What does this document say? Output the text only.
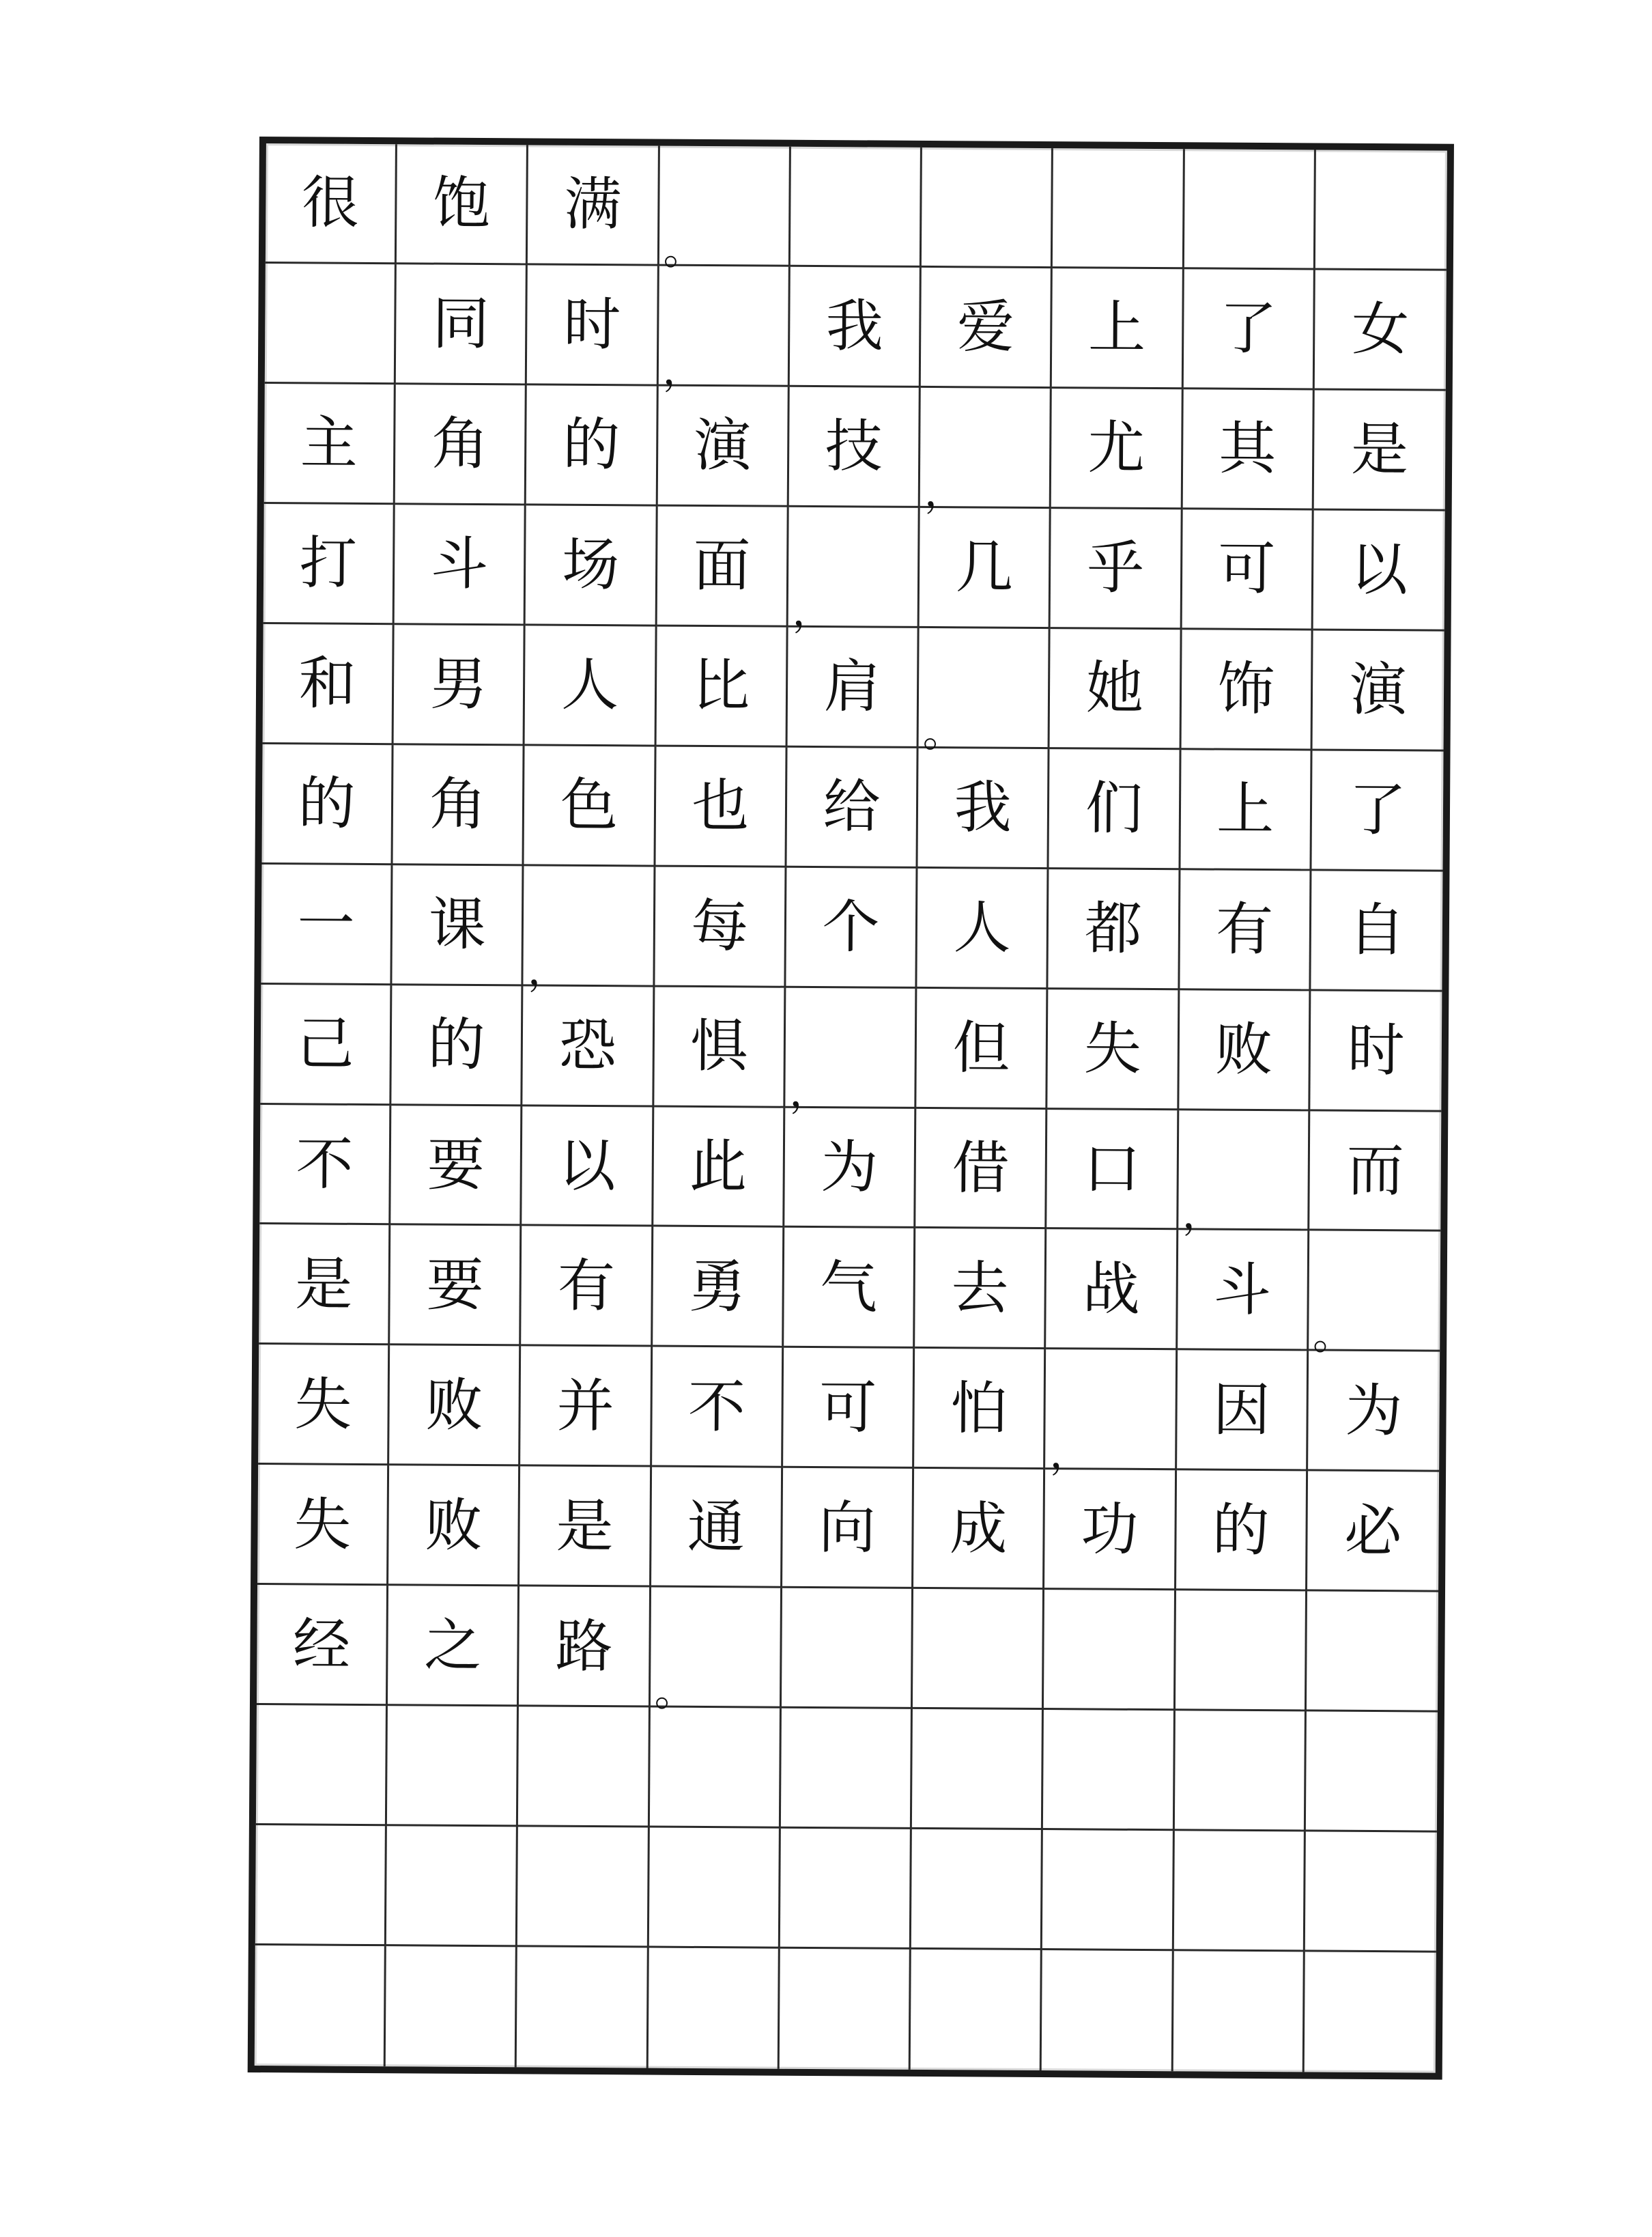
很 饱 满
。
同 时
，
我 爱 上 了 女
主 角 的 演 技
，
尤 其 是
打 斗 场 面
，
几 乎 可 以
和 男 人 比 肩
。
她 饰 演
的 角 色 也 给 我 们 上 了
一 课
，
每 个 人 都 有 自
己 的 恐 惧
，
但 失 败 时
不 要 以 此 为 借 口
，
而
是 要 有 勇 气 去 战 斗
。
失 败 并 不 可 怕
，
因 为
失 败 是 通 向 成 功 的 必
经 之 路
。
